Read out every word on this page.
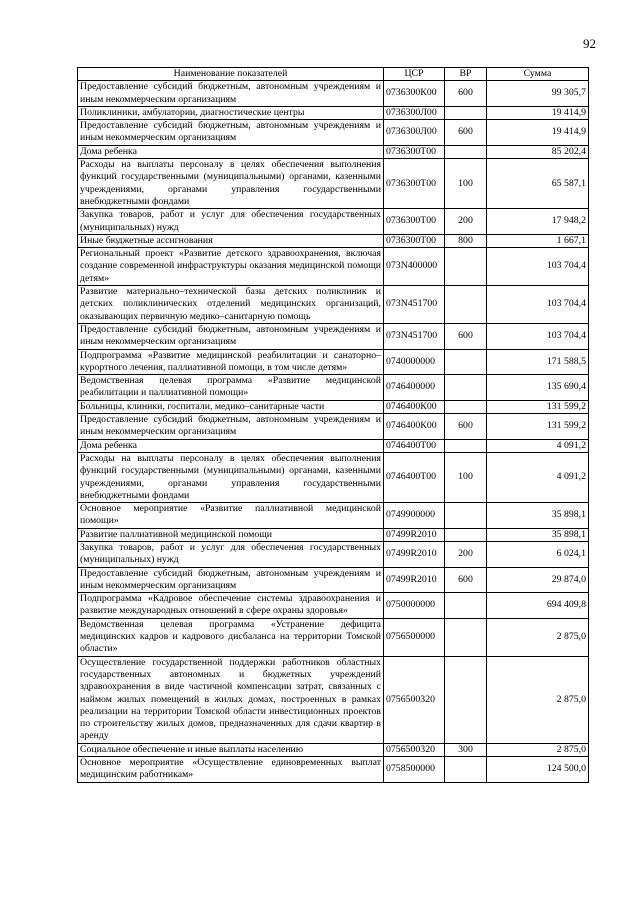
92
Наименование показателей	ЦСР	ВР	Сумма
Предоставление субсидий бюджетным, автономным учреждениям и иным некоммерческим организациям	0736300К00	600	99 305,7
Поликлиники, амбулатории, диагностические центры	0736300Л00		19 414,9
Предоставление субсидий бюджетным, автономным учреждениям и иным некоммерческим организациям	0736300Л00	600	19 414,9
Дома ребенка	0736300Т00		85 202,4
Расходы на выплаты персоналу в целях обеспечения выполнения функций государственными (муниципальными) органами, казенными учреждениями, органами управления государственными внебюджетными фондами	0736300Т00	100	65 587,1
Закупка товаров, работ и услуг для обеспечения государственных (муниципальных) нужд	0736300Т00	200	17 948,2
Иные бюджетные ассигнования	0736300Т00	800	1 667,1
Региональный проект «Развитие детского здравоохранения, включая создание современной инфраструктуры оказания медицинской помощи детям»	073N400000		103 704,4
Развитие материально–технической базы детских поликлиник и детских поликлинических отделений медицинских организаций, оказывающих первичную медико–санитарную помощь	073N451700		103 704,4
Предоставление субсидий бюджетным, автономным учреждениям и иным некоммерческим организациям	073N451700	600	103 704,4
Подпрограмма «Развитие медицинской реабилитации и санаторно–курортного лечения, паллиативной помощи, в том числе детям»	0740000000		171 588,5
Ведомственная целевая программа «Развитие медицинской реабилитации и паллиативной помощи»	0746400000		135 690,4
Больницы, клиники, госпитали, медико–санитарные части	0746400К00		131 599,2
Предоставление субсидий бюджетным, автономным учреждениям и иным некоммерческим организациям	0746400К00	600	131 599,2
Дома ребенка	0746400Т00		4 091,2
Расходы на выплаты персоналу в целях обеспечения выполнения функций государственными (муниципальными) органами, казенными учреждениями, органами управления государственными внебюджетными фондами	0746400Т00	100	4 091,2
Основное мероприятие «Развитие паллиативной медицинской помощи»	0749900000		35 898,1
Развитие паллиативной медицинской помощи	07499R2010		35 898,1
Закупка товаров, работ и услуг для обеспечения государственных (муниципальных) нужд	07499R2010	200	6 024,1
Предоставление субсидий бюджетным, автономным учреждениям и иным некоммерческим организациям	07499R2010	600	29 874,0
Подпрограмма «Кадровое обеспечение системы здравоохранения и развитие международных отношений в сфере охраны здоровья»	0750000000		694 409,8
Ведомственная целевая программа «Устранение дефицита медицинских кадров и кадрового дисбаланса на территории Томской области»	0756500000		2 875,0
Осуществление государственной поддержки работников областных государственных автономных и бюджетных учреждений здравоохранения в виде частичной компенсации затрат, связанных с наймом жилых помещений в жилых домах, построенных в рамках реализации на территории Томской области инвестиционных проектов по строительству жилых домов, предназначенных для сдачи квартир в аренду	0756500320		2 875,0
Социальное обеспечение и иные выплаты населению	0756500320	300	2 875,0
Основное мероприятие «Осуществление единовременных выплат медицинским работникам»	0758500000		124 500,0
